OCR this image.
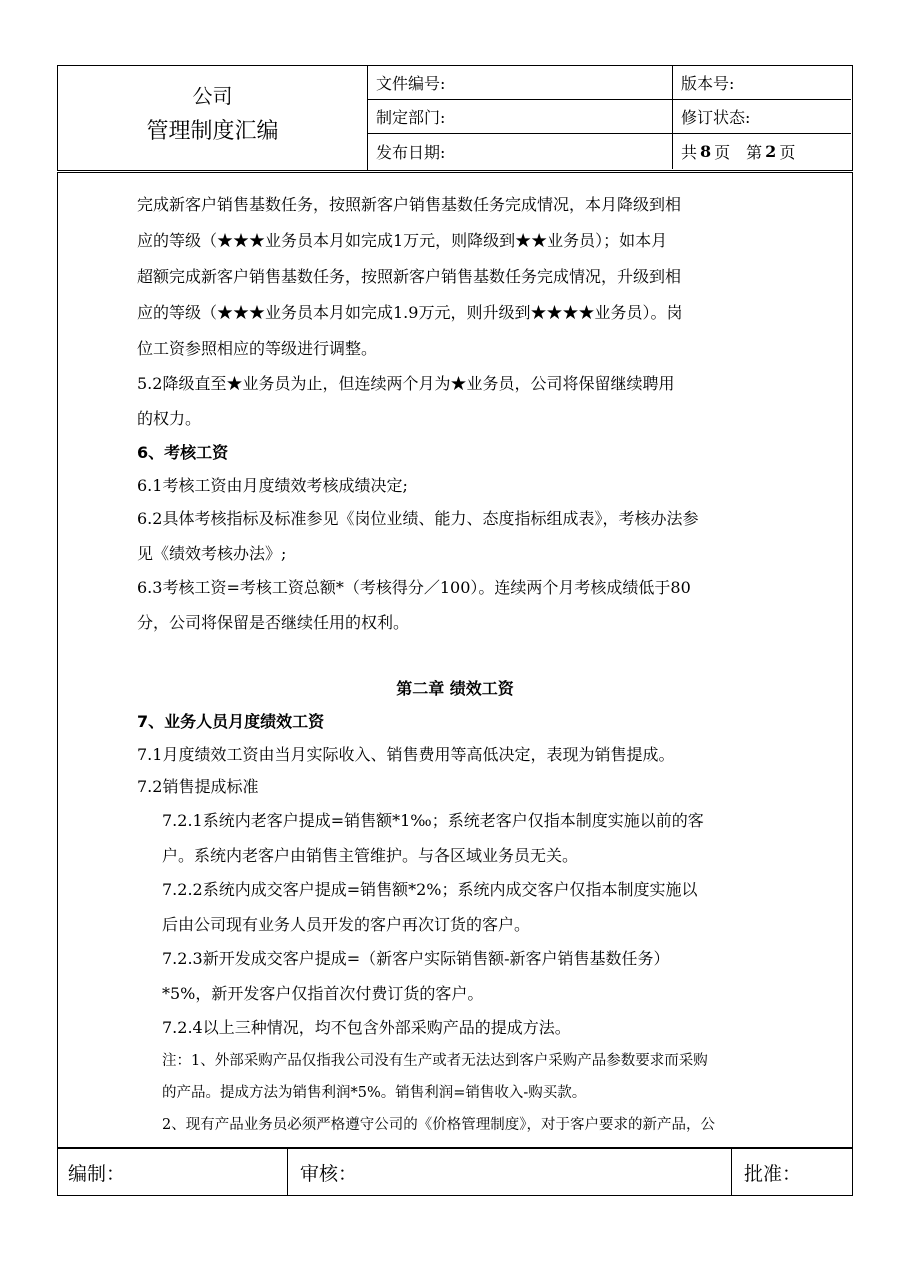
公司
管理制度汇编
文件编号:	版本号:
制定部门:	修订状态:
发布日期:	共 8 页　第 2 页
完成新客户销售基数任务，按照新客户销售基数任务完成情况，本月降级到相
应的等级（★★★业务员本月如完成1万元，则降级到★★业务员）；如本月
超额完成新客户销售基数任务，按照新客户销售基数任务完成情况，升级到相
应的等级（★★★业务员本月如完成1.9万元，则升级到★★★★业务员）。岗
位工资参照相应的等级进行调整。
5.2降级直至★业务员为止，但连续两个月为★业务员，公司将保留继续聘用
的权力。
6、考核工资
6.1考核工资由月度绩效考核成绩决定;
6.2具体考核指标及标准参见《岗位业绩、能力、态度指标组成表》，考核办法参
见《绩效考核办法》;
6.3考核工资=考核工资总额*（考核得分／100）。连续两个月考核成绩低于80
分，公司将保留是否继续任用的权利。
第二章 绩效工资
7、业务人员月度绩效工资
7.1月度绩效工资由当月实际收入、销售费用等高低决定，表现为销售提成。
7.2销售提成标准
7.2.1系统内老客户提成=销售额*1‰；系统老客户仅指本制度实施以前的客
户。系统内老客户由销售主管维护。与各区域业务员无关。
7.2.2系统内成交客户提成=销售额*2%；系统内成交客户仅指本制度实施以
后由公司现有业务人员开发的客户再次订货的客户。
7.2.3新开发成交客户提成=（新客户实际销售额-新客户销售基数任务）
*5%，新开发客户仅指首次付费订货的客户。
7.2.4以上三种情况，均不包含外部采购产品的提成方法。
注：1、外部采购产品仅指我公司没有生产或者无法达到客户采购产品参数要求而采购
的产品。提成方法为销售利润*5%。销售利润=销售收入-购买款。
2、现有产品业务员必须严格遵守公司的《价格管理制度》，对于客户要求的新产品，公
编制：	审核：	批准：
